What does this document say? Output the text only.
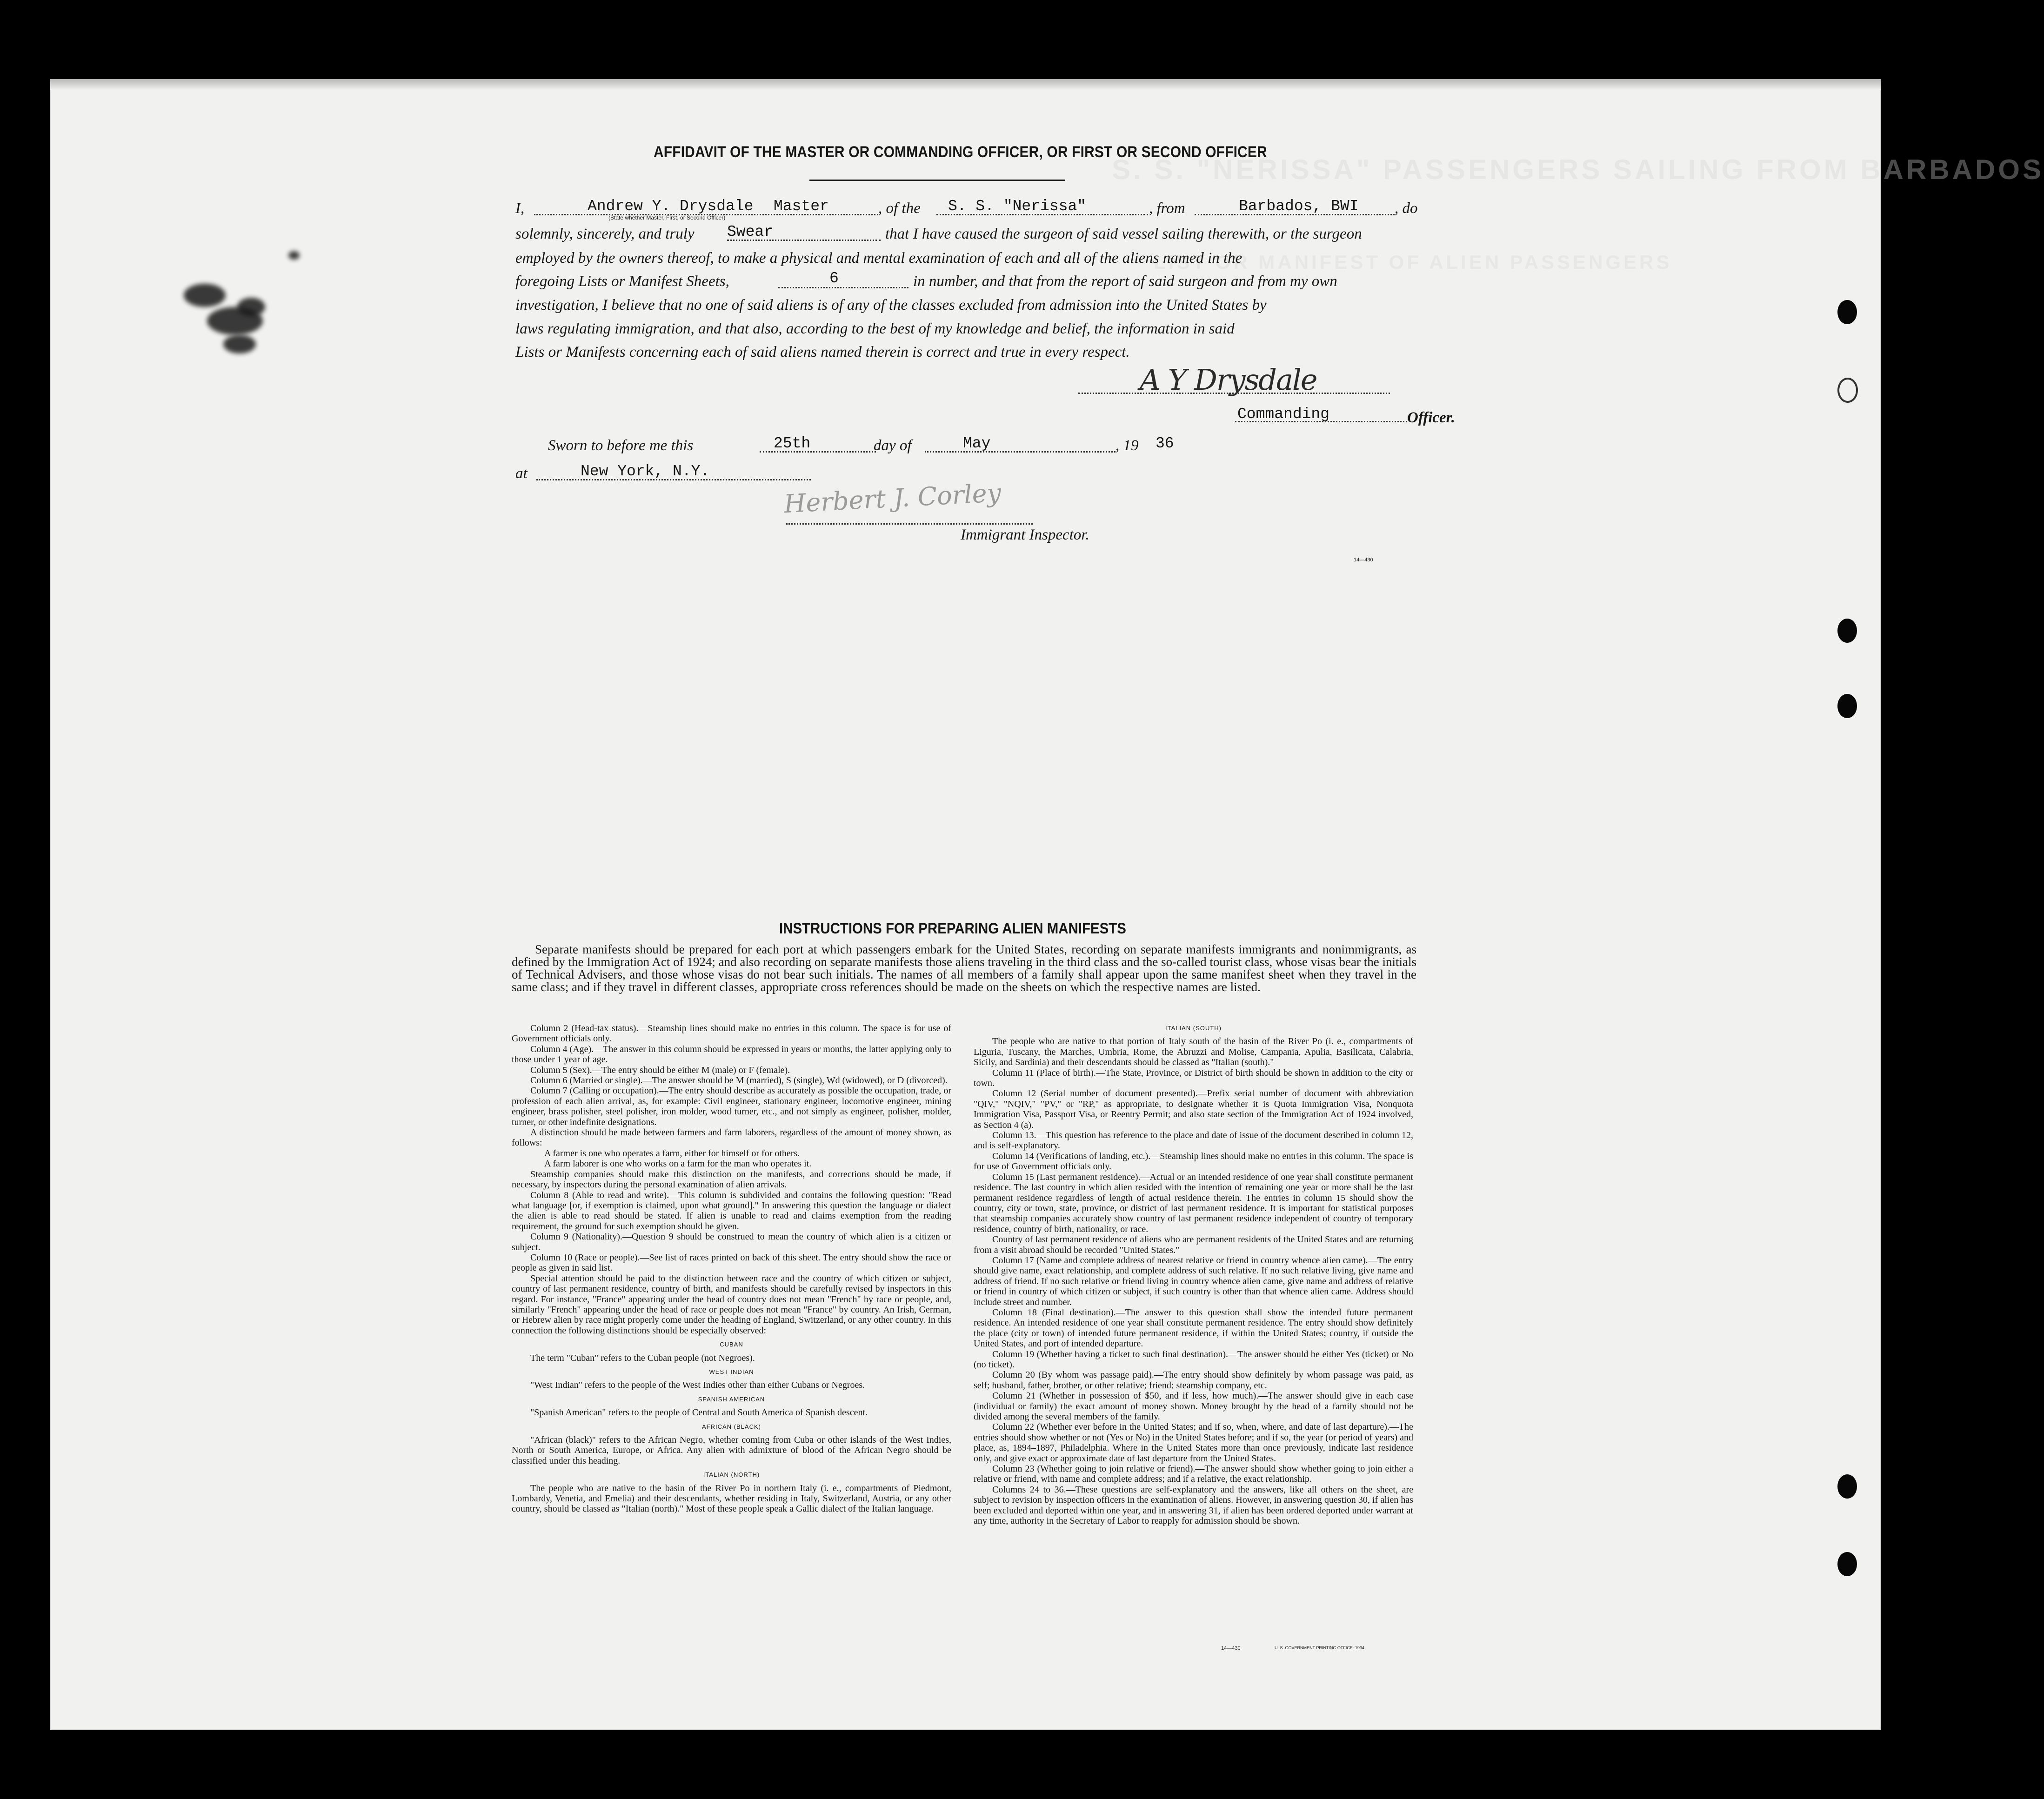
S. S. "NERISSA" PASSENGERS SAILING FROM BARBADOS
LIST OR MANIFEST OF ALIEN PASSENGERS
AFFIDAVIT OF THE MASTER OR COMMANDING OFFICER, OR FIRST OR SECOND OFFICER
I,	Andrew Y. Drysdale Master	, of the S. S. "Nerissa"	, from	Barbados, BWI , do
(State whether Master, First, or Second Officer)
solemnly, sincerely, and truly Swear	that I have caused the surgeon of said vessel sailing therewith, or the surgeon
employed by the owners thereof, to make a physical and mental examination of each and all of the aliens named in the
foregoing Lists or Manifest Sheets,	6	in number, and that from the report of said surgeon and from my own
investigation, I believe that no one of said aliens is of any of the classes excluded from admission into the United States by
laws regulating immigration, and that also, according to the best of my knowledge and belief, the information in said
Lists or Manifests concerning each of said aliens named therein is correct and true in every respect.
A Y Drysdale
Commanding	Officer.
Sworn to before me this	25th	day of	May	, 19 36
at	New York, N.Y.
Herbert J. Corley
Immigrant Inspector.
14—430
INSTRUCTIONS FOR PREPARING ALIEN MANIFESTS

Separate manifests should be prepared for each port at which passengers embark for the United States, recording on separate manifests immigrants and nonimmigrants, as defined by the Immigration Act of 1924; and also recording on separate manifests those aliens traveling in the third class and the so-called tourist class, whose visas bear the initials of Technical Advisers, and those whose visas do not bear such initials. The names of all members of a family shall appear upon the same manifest sheet when they travel in the same class; and if they travel in different classes, appropriate cross references should be made on the sheets on which the respective names are listed.

Column 2 (Head-tax status).—Steamship lines should make no entries in this column. The space is for use of Government officials only.

Column 4 (Age).—The answer in this column should be expressed in years or months, the latter applying only to those under 1 year of age.

Column 5 (Sex).—The entry should be either M (male) or F (female).

Column 6 (Married or single).—The answer should be M (married), S (single), Wd (widowed), or D (divorced).

Column 7 (Calling or occupation).—The entry should describe as accurately as possible the occupation, trade, or profession of each alien arrival, as, for example: Civil engineer, stationary engineer, locomotive engineer, mining engineer, brass polisher, steel polisher, iron molder, wood turner, etc., and not simply as engineer, polisher, molder, turner, or other indefinite designations.

A distinction should be made between farmers and farm laborers, regardless of the amount of money shown, as follows:

A farmer is one who operates a farm, either for himself or for others.

A farm laborer is one who works on a farm for the man who operates it.

Steamship companies should make this distinction on the manifests, and corrections should be made, if necessary, by inspectors during the personal examination of alien arrivals.

Column 8 (Able to read and write).—This column is subdivided and contains the following question: "Read what language [or, if exemption is claimed, upon what ground]." In answering this question the language or dialect the alien is able to read should be stated. If alien is unable to read and claims exemption from the reading requirement, the ground for such exemption should be given.

Column 9 (Nationality).—Question 9 should be construed to mean the country of which alien is a citizen or subject.

Column 10 (Race or people).—See list of races printed on back of this sheet. The entry should show the race or people as given in said list.

Special attention should be paid to the distinction between race and the country of which citizen or subject, country of last permanent residence, country of birth, and manifests should be carefully revised by inspectors in this regard. For instance, "France" appearing under the head of country does not mean "French" by race or people, and, similarly "French" appearing under the head of race or people does not mean "France" by country. An Irish, German, or Hebrew alien by race might properly come under the heading of England, Switzerland, or any other country. In this connection the following distinctions should be especially observed:

CUBAN

The term "Cuban" refers to the Cuban people (not Negroes).

WEST INDIAN

"West Indian" refers to the people of the West Indies other than either Cubans or Negroes.

SPANISH AMERICAN

"Spanish American" refers to the people of Central and South America of Spanish descent.

AFRICAN (BLACK)

"African (black)" refers to the African Negro, whether coming from Cuba or other islands of the West Indies, North or South America, Europe, or Africa. Any alien with admixture of blood of the African Negro should be classified under this heading.

ITALIAN (NORTH)

The people who are native to the basin of the River Po in northern Italy (i. e., compartments of Piedmont, Lombardy, Venetia, and Emelia) and their descendants, whether residing in Italy, Switzerland, Austria, or any other country, should be classed as "Italian (north)." Most of these people speak a Gallic dialect of the Italian language.

ITALIAN (SOUTH)

The people who are native to that portion of Italy south of the basin of the River Po (i. e., compartments of Liguria, Tuscany, the Marches, Umbria, Rome, the Abruzzi and Molise, Campania, Apulia, Basilicata, Calabria, Sicily, and Sardinia) and their descendants should be classed as "Italian (south)."

Column 11 (Place of birth).—The State, Province, or District of birth should be shown in addition to the city or town.

Column 12 (Serial number of document presented).—Prefix serial number of document with abbreviation "QIV," "NQIV," "PV," or "RP," as appropriate, to designate whether it is Quota Immigration Visa, Nonquota Immigration Visa, Passport Visa, or Reentry Permit; and also state section of the Immigration Act of 1924 involved, as Section 4 (a).

Column 13.—This question has reference to the place and date of issue of the document described in column 12, and is self-explanatory.

Column 14 (Verifications of landing, etc.).—Steamship lines should make no entries in this column. The space is for use of Government officials only.

Column 15 (Last permanent residence).—Actual or an intended residence of one year shall constitute permanent residence. The last country in which alien resided with the intention of remaining one year or more shall be the last permanent residence regardless of length of actual residence therein. The entries in column 15 should show the country, city or town, state, province, or district of last permanent residence. It is important for statistical purposes that steamship companies accurately show country of last permanent residence independent of country of temporary residence, country of birth, nationality, or race.

Country of last permanent residence of aliens who are permanent residents of the United States and are returning from a visit abroad should be recorded "United States."

Column 17 (Name and complete address of nearest relative or friend in country whence alien came).—The entry should give name, exact relationship, and complete address of such relative. If no such relative living, give name and address of friend. If no such relative or friend living in country whence alien came, give name and address of relative or friend in country of which citizen or subject, if such country is other than that whence alien came. Address should include street and number.

Column 18 (Final destination).—The answer to this question shall show the intended future permanent residence. An intended residence of one year shall constitute permanent residence. The entry should show definitely the place (city or town) of intended future permanent residence, if within the United States; country, if outside the United States, and port of intended departure.

Column 19 (Whether having a ticket to such final destination).—The answer should be either Yes (ticket) or No (no ticket).

Column 20 (By whom was passage paid).—The entry should show definitely by whom passage was paid, as self; husband, father, brother, or other relative; friend; steamship company, etc.

Column 21 (Whether in possession of $50, and if less, how much).—The answer should give in each case (individual or family) the exact amount of money shown. Money brought by the head of a family should not be divided among the several members of the family.

Column 22 (Whether ever before in the United States; and if so, when, where, and date of last departure).—The entries should show whether or not (Yes or No) in the United States before; and if so, the year (or period of years) and place, as, 1894–1897, Philadelphia. Where in the United States more than once previously, indicate last residence only, and give exact or approximate date of last departure from the United States.

Column 23 (Whether going to join relative or friend).—The answer should show whether going to join either a relative or friend, with name and complete address; and if a relative, the exact relationship.

Columns 24 to 36.—These questions are self-explanatory and the answers, like all others on the sheet, are subject to revision by inspection officers in the examination of aliens. However, in answering question 30, if alien has been excluded and deported within one year, and in answering 31, if alien has been ordered deported under warrant at any time, authority in the Secretary of Labor to reapply for admission should be shown.

14—430	U. S. GOVERNMENT PRINTING OFFICE: 1934
